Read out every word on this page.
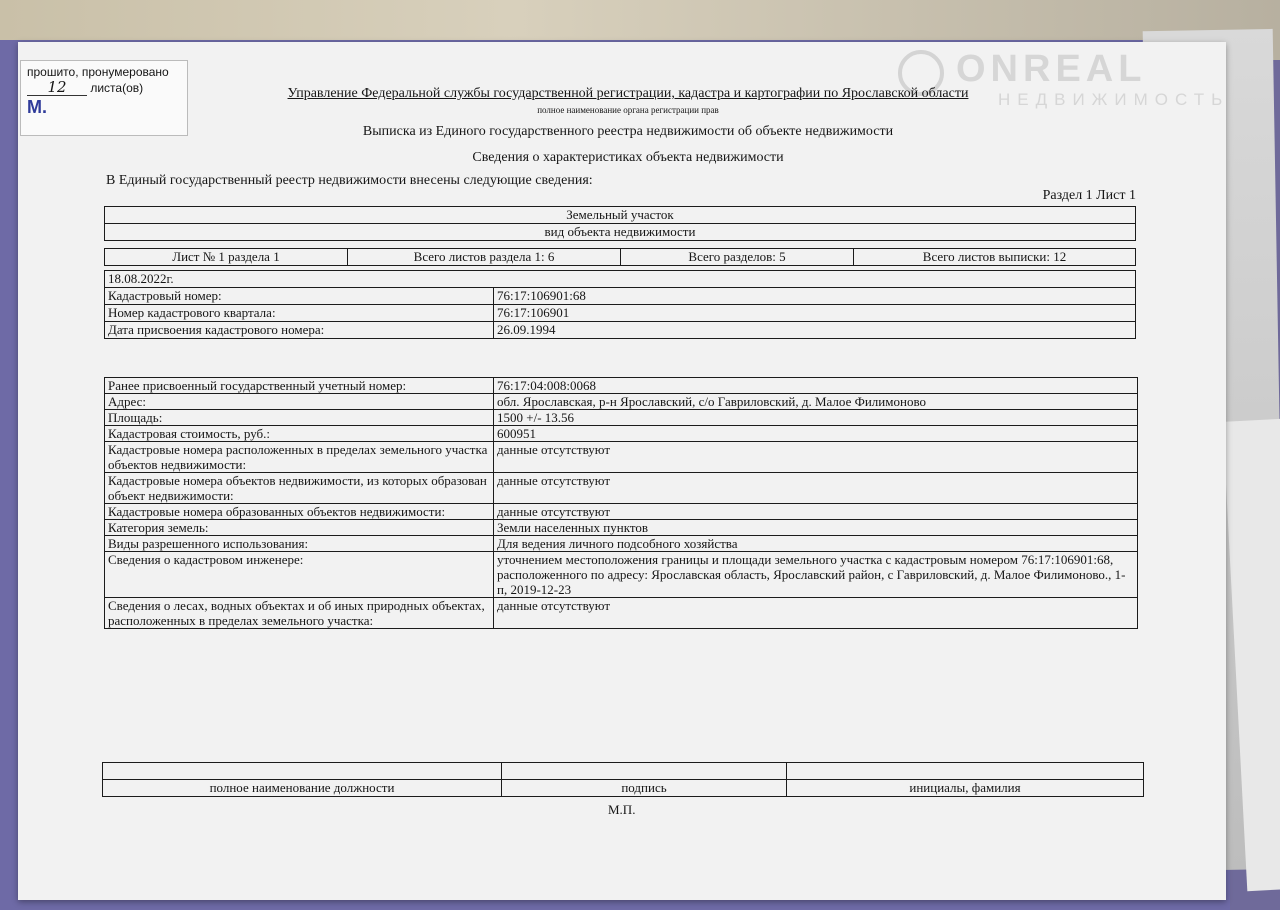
прошито, пронумеровано
12 листа(ов)
М.
ONREAL
НЕДВИЖИМОСТЬ
Управление Федеральной службы государственной регистрации, кадастра и картографии по Ярославской области
полное наименование органа регистрации прав
Выписка из Единого государственного реестра недвижимости об объекте недвижимости
Сведения о характеристиках объекта недвижимости
В Единый государственный реестр недвижимости внесены следующие сведения:
Раздел 1 Лист 1
Земельный участок
вид объекта недвижимости
Лист № 1 раздела 1	Всего листов раздела 1: 6	Всего разделов: 5	Всего листов выписки: 12
18.08.2022г.	
Кадастровый номер:	76:17:106901:68
Номер кадастрового квартала:	76:17:106901
Дата присвоения кадастрового номера:	26.09.1994
Ранее присвоенный государственный учетный номер:	76:17:04:008:0068
Адрес:	обл. Ярославская, р-н Ярославский, с/о Гавриловский, д. Малое Филимоново
Площадь:	1500 +/- 13.56
Кадастровая стоимость, руб.:	600951
Кадастровые номера расположенных в пределах земельного участка объектов недвижимости:	данные отсутствуют
Кадастровые номера объектов недвижимости, из которых образован объект недвижимости:	данные отсутствуют
Кадастровые номера образованных объектов недвижимости:	данные отсутствуют
Категория земель:	Земли населенных пунктов
Виды разрешенного использования:	Для ведения личного подсобного хозяйства
Сведения о кадастровом инженере:	уточнением местоположения границы и площади земельного участка с кадастровым номером 76:17:106901:68, расположенного по адресу: Ярославская область, Ярославский район, с Гавриловский, д. Малое Филимоново., 1-п, 2019-12-23
Сведения о лесах, водных объектах и об иных природных объектах, расположенных в пределах земельного участка:	данные отсутствуют

полное наименование должности	подпись	инициалы, фамилия
М.П.
